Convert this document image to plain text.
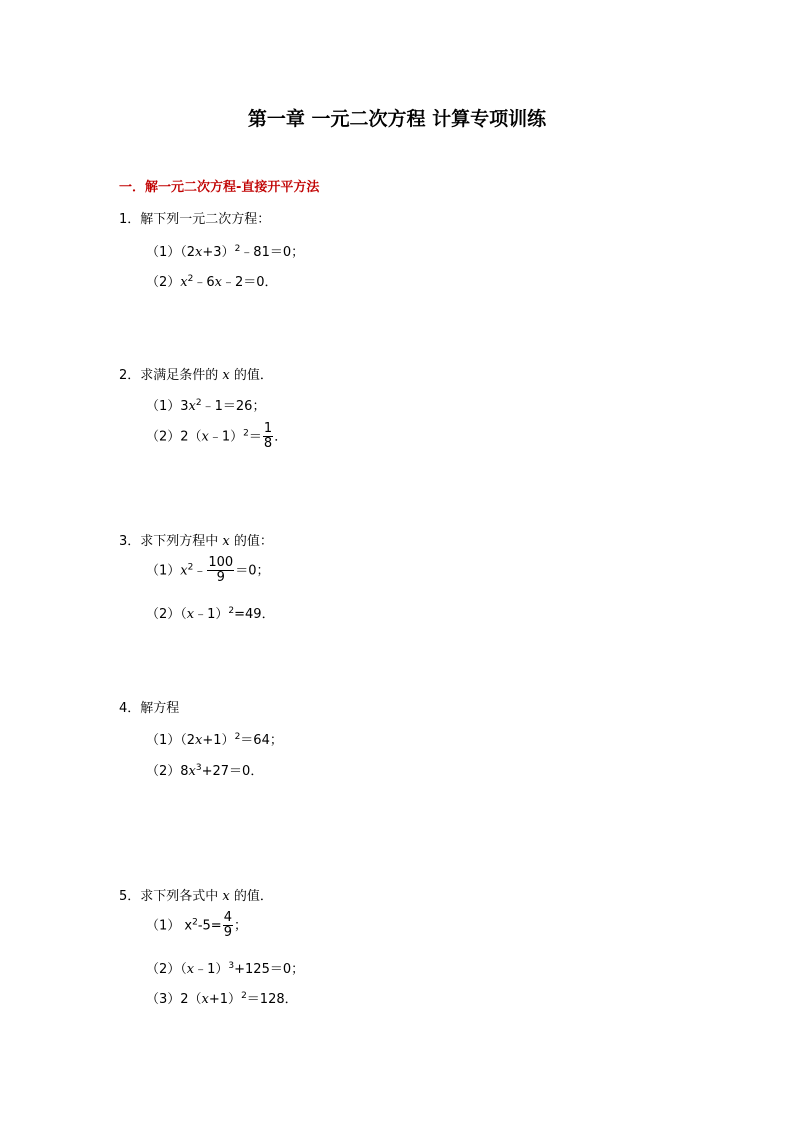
第一章 一元二次方程 计算专项训练
一．解一元二次方程-直接开平方法
1．解下列一元二次方程：
$(1)(2x+3)^2﹣81=0$；
$(2)x^2﹣6x﹣2=0$．
2．求满足条件的 x 的值．
$(1)3x^2﹣1=26$；
（2）2（x﹣1）$^2$＝ $\frac{1}{8}$ ．
3．求下列方程中 x 的值：
$(1)x^2﹣ \frac{100}{9} =0$；
（2）（x﹣1）$^2$=49．
4．解方程
$(1)(2x+1)^2=64$；
$(2)8x^3+27=0$．
5．求下列各式中 x 的值．
（1） $x^2-5= \frac{4}{9}$ ；
（2）（x﹣1）$^3$+125＝0；
$(3)2(x+1)^2=128$．
